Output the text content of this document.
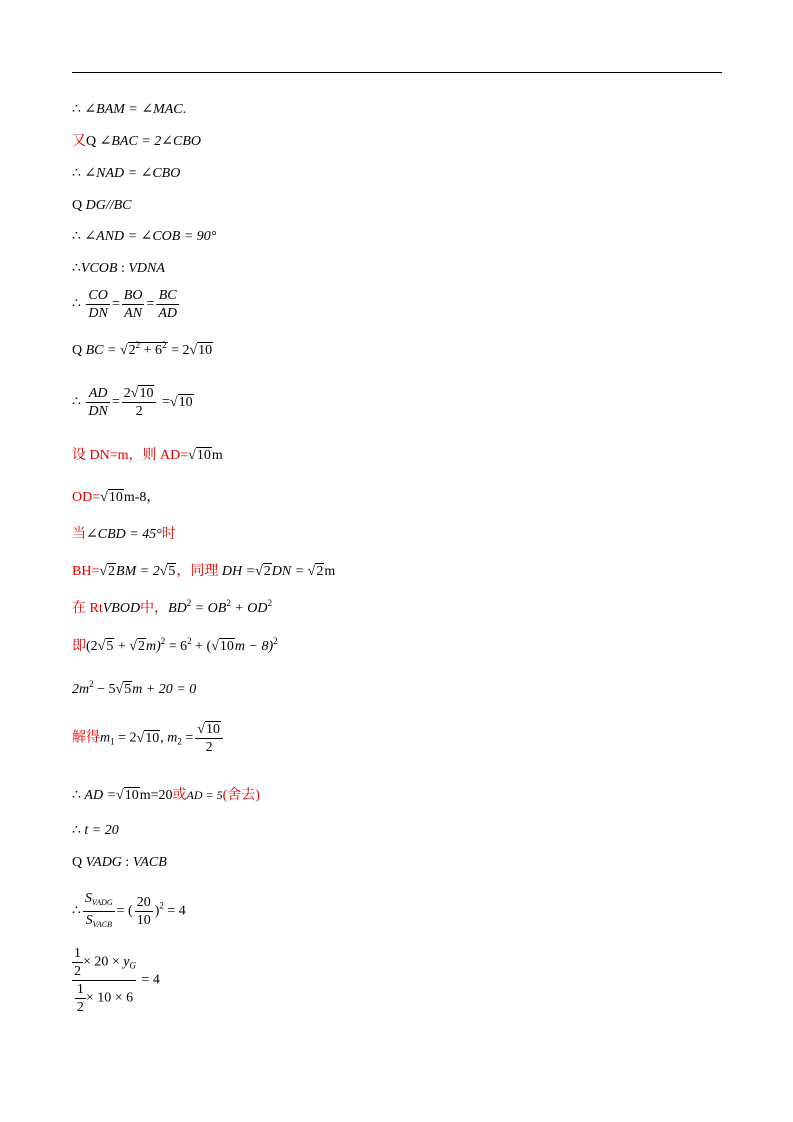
∴ ∠BAM = ∠MAC.
又Q ∠BAC = 2∠CBO
∴ ∠NAD = ∠CBO
Q DG//BC
∴ ∠AND = ∠COB = 90°
∴VCOB : VDNA
∴ $\frac{CO}{DN} = \frac{BO}{AN} = \frac{BC}{AD}$
Q BC = $√2^2 + 6^2 = 2√10$
∴ $\frac{AD}{DN} = \frac{2√10}{2} =√10$
设 DN=m，则 AD=√10m
OD=√10m-8，
当∠CBD = 45°时
BH=√2BM = 2√5，同理 DH =√2DN = √2m
在 RtVBOD中，$BD^2 = OB^2 + OD^2$
即$(2√5 + √2m)^2 = 6^2 + (√10m - 8)^2$
$2m^2 - 5√5m + 20 = 0$
解得$m_1 = 2√10$, $m_2 = \frac{√10}{2}$
∴ AD =√10m=20或AD = 5(舍去)
∴ t = 20
Q VADG : VACB
∴ $\frac{S_{VADG}}{S_{VACB}}$ = ( $\frac{20}{10} )^2 = 4$
$\frac{\frac{1}{2} \times 20 \times y_G}{\frac{1}{2} \times 10 \times 6} = 4$
